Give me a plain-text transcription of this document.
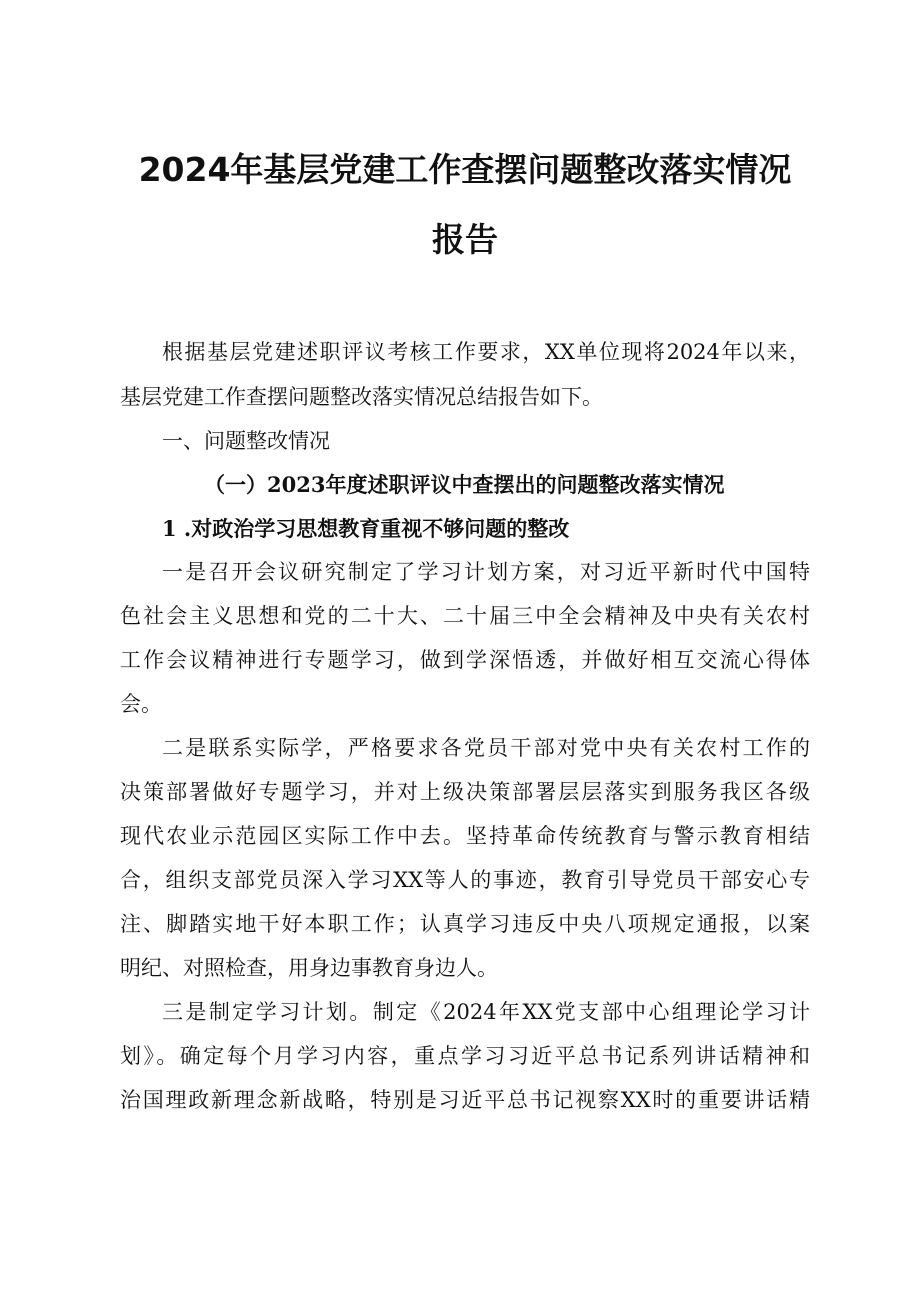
2024年基层党建工作查摆问题整改落实情况
报告
根据基层党建述职评议考核工作要求，XX单位现将2024年以来，
基层党建工作查摆问题整改落实情况总结报告如下。
一、问题整改情况
（一）2023年度述职评议中查摆出的问题整改落实情况
1 .对政治学习思想教育重视不够问题的整改
一是召开会议研究制定了学习计划方案，对习近平新时代中国特
色社会主义思想和党的二十大、二十届三中全会精神及中央有关农村
工作会议精神进行专题学习，做到学深悟透，并做好相互交流心得体
会。
二是联系实际学，严格要求各党员干部对党中央有关农村工作的
决策部署做好专题学习，并对上级决策部署层层落实到服务我区各级
现代农业示范园区实际工作中去。坚持革命传统教育与警示教育相结
合，组织支部党员深入学习XX等人的事迹，教育引导党员干部安心专
注、脚踏实地干好本职工作；认真学习违反中央八项规定通报，以案
明纪、对照检查，用身边事教育身边人。
三是制定学习计划。制定《2024年XX党支部中心组理论学习计
划》。确定每个月学习内容，重点学习习近平总书记系列讲话精神和
治国理政新理念新战略，特别是习近平总书记视察XX时的重要讲话精
